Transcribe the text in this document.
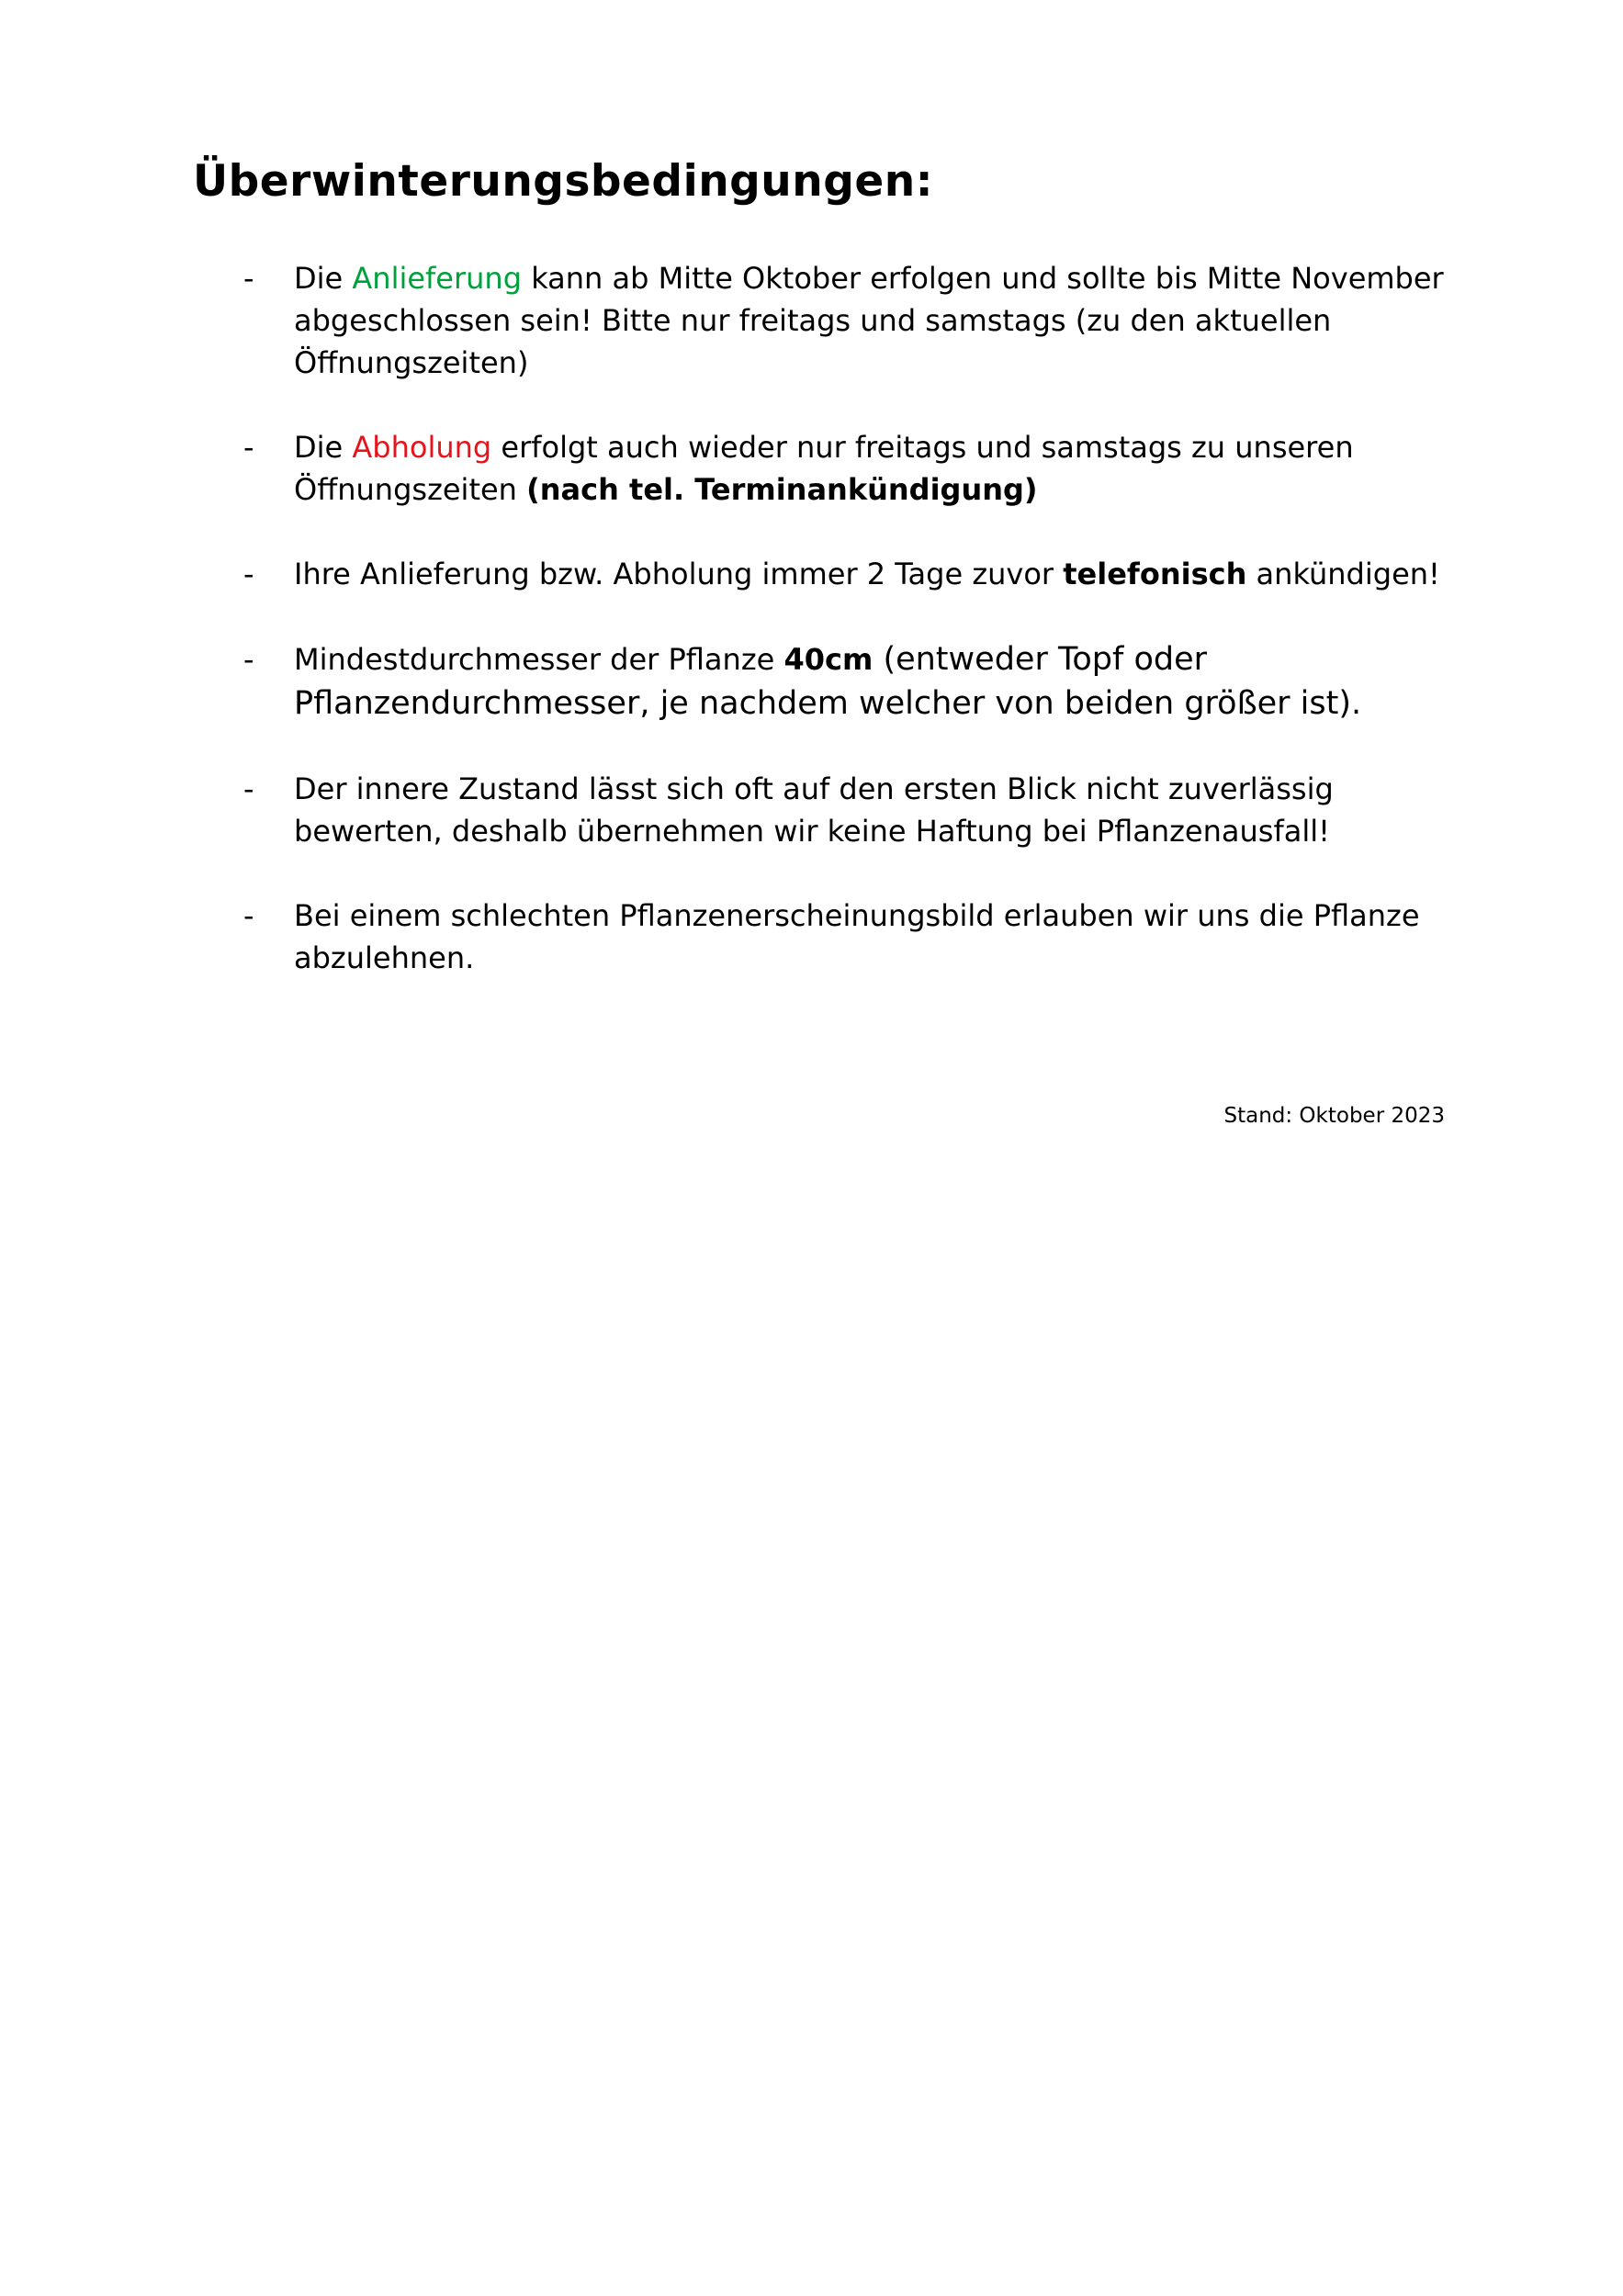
Überwinterungsbedingungen:
- Die Anlieferung kann ab Mitte Oktober erfolgen und sollte bis Mitte November abgeschlossen sein! Bitte nur freitags und samstags (zu den aktuellen Öffnungszeiten)
- Die Abholung erfolgt auch wieder nur freitags und samstags zu unseren Öffnungszeiten (nach tel. Terminankündigung)
- Ihre Anlieferung bzw. Abholung immer 2 Tage zuvor telefonisch ankündigen!
- Mindestdurchmesser der Pflanze 40cm (entweder Topf oder Pflanzendurchmesser, je nachdem welcher von beiden größer ist).
- Der innere Zustand lässt sich oft auf den ersten Blick nicht zuverlässig bewerten, deshalb übernehmen wir keine Haftung bei Pflanzenausfall!
- Bei einem schlechten Pflanzenerscheinungsbild erlauben wir uns die Pflanze abzulehnen.
Stand: Oktober 2023
